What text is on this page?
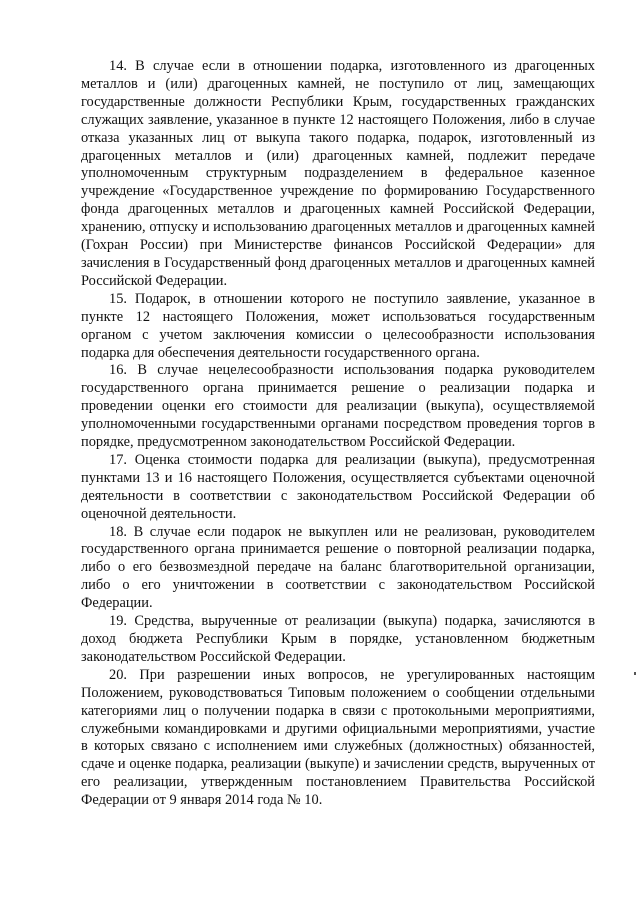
14. В случае если в отношении подарка, изготовленного из драгоценных металлов и (или) драгоценных камней, не поступило от лиц, замещающих государственные должности Республики Крым, государственных гражданских служащих заявление, указанное в пункте 12 настоящего Положения, либо в случае отказа указанных лиц от выкупа такого подарка, подарок, изготовленный из драгоценных металлов и (или) драгоценных камней, подлежит передаче уполномоченным структурным подразделением в федеральное казенное учреждение «Государственное учреждение по формированию Государственного фонда драгоценных металлов и драгоценных камней Российской Федерации, хранению, отпуску и использованию драгоценных металлов и драгоценных камней (Гохран России) при Министерстве финансов Российской Федерации» для зачисления в Государственный фонд драгоценных металлов и драгоценных камней Российской Федерации.

15. Подарок, в отношении которого не поступило заявление, указанное в пункте 12 настоящего Положения, может использоваться государственным органом с учетом заключения комиссии о целесообразности использования подарка для обеспечения деятельности государственного органа.

16. В случае нецелесообразности использования подарка руководителем государственного органа принимается решение о реализации подарка и проведении оценки его стоимости для реализации (выкупа), осуществляемой уполномоченными государственными органами посредством проведения торгов в порядке, предусмотренном законодательством Российской Федерации.

17. Оценка стоимости подарка для реализации (выкупа), предусмотренная пунктами 13 и 16 настоящего Положения, осуществляется субъектами оценочной деятельности в соответствии с законодательством Российской Федерации об оценочной деятельности.

18. В случае если подарок не выкуплен или не реализован, руководителем государственного органа принимается решение о повторной реализации подарка, либо о его безвозмездной передаче на баланс благотворительной организации, либо о его уничтожении в соответствии с законодательством Российской Федерации.

19. Средства, вырученные от реализации (выкупа) подарка, зачисляются в доход бюджета Республики Крым в порядке, установленном бюджетным законодательством Российской Федерации.

20. При разрешении иных вопросов, не урегулированных настоящим Положением, руководствоваться Типовым положением о сообщении отдельными категориями лиц о получении подарка в связи с протокольными мероприятиями, служебными командировками и другими официальными мероприятиями, участие в которых связано с исполнением ими служебных (должностных) обязанностей, сдаче и оценке подарка, реализации (выкупе) и зачислении средств, вырученных от его реализации, утвержденным постановлением Правительства Российской Федерации от 9 января 2014 года № 10.
